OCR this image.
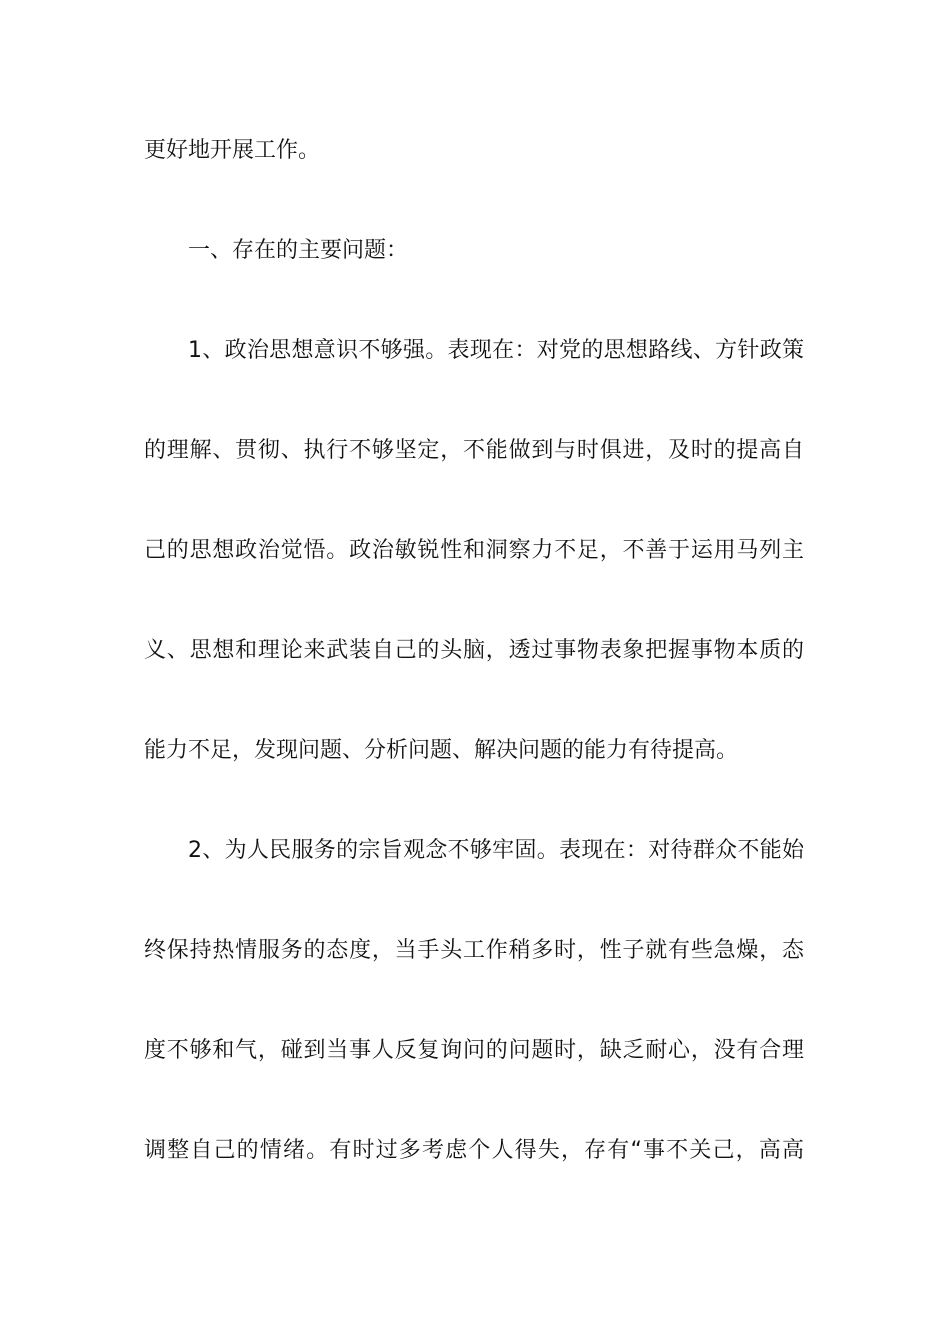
更好地开展工作。
一、存在的主要问题：
1、政治思想意识不够强。表现在：对党的思想路线、方针政策
的理解、贯彻、执行不够坚定，不能做到与时俱进，及时的提高自
己的思想政治觉悟。政治敏锐性和洞察力不足，不善于运用马列主
义、思想和理论来武装自己的头脑，透过事物表象把握事物本质的
能力不足，发现问题、分析问题、解决问题的能力有待提高。
2、为人民服务的宗旨观念不够牢固。表现在：对待群众不能始
终保持热情服务的态度，当手头工作稍多时，性子就有些急燥，态
度不够和气，碰到当事人反复询问的问题时，缺乏耐心，没有合理
调整自己的情绪。有时过多考虑个人得失，存有“事不关己，高高
